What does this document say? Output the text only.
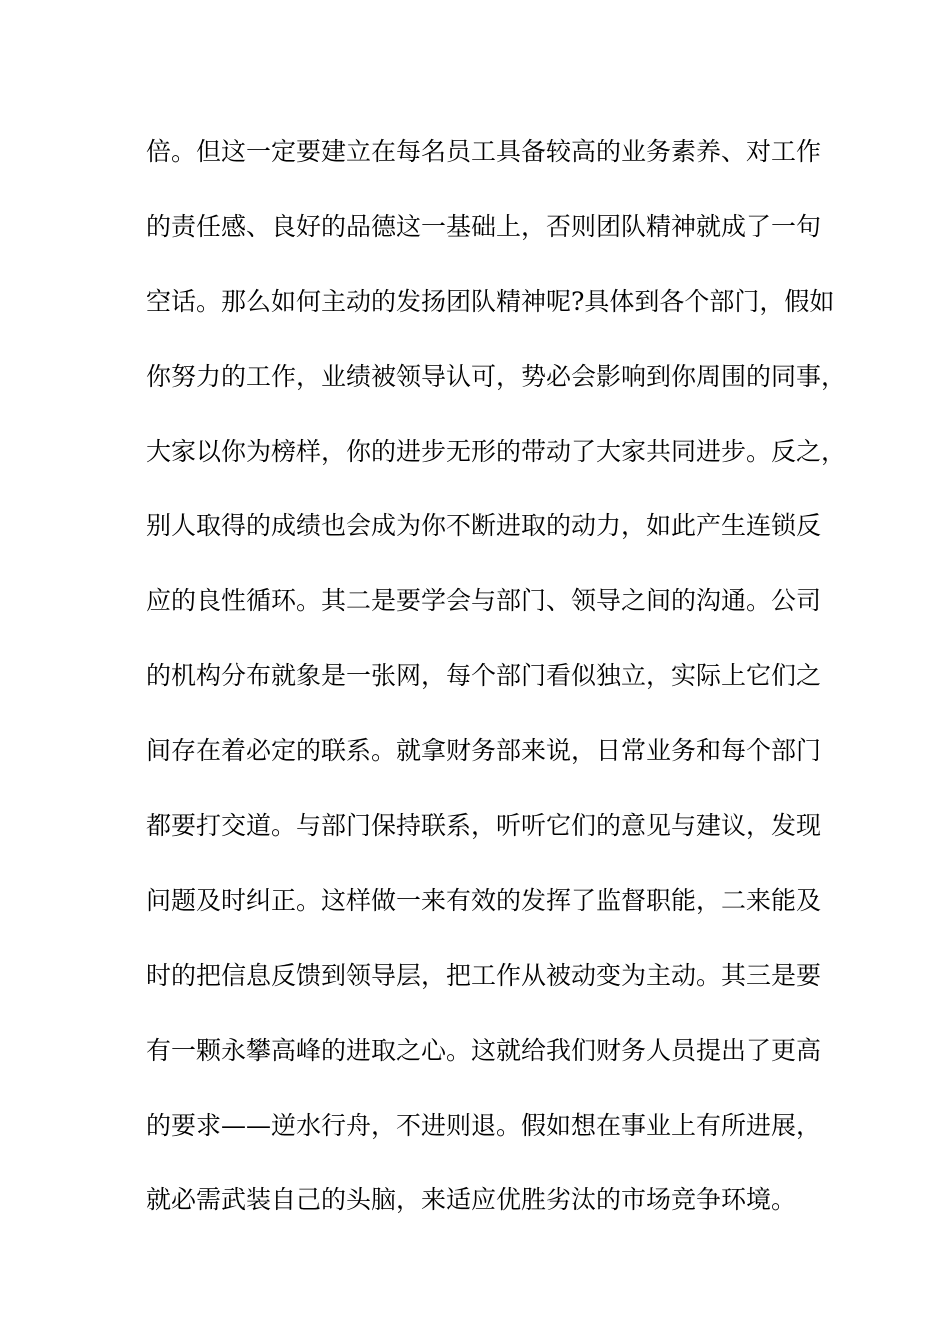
倍。但这一定要建立在每名员工具备较高的业务素养、对工作
的责任感、良好的品德这一基础上，否则团队精神就成了一句
空话。那么如何主动的发扬团队精神呢?具体到各个部门，假如
你努力的工作，业绩被领导认可，势必会影响到你周围的同事，
大家以你为榜样，你的进步无形的带动了大家共同进步。反之，
别人取得的成绩也会成为你不断进取的动力，如此产生连锁反
应的良性循环。其二是要学会与部门、领导之间的沟通。公司
的机构分布就象是一张网，每个部门看似独立，实际上它们之
间存在着必定的联系。就拿财务部来说，日常业务和每个部门
都要打交道。与部门保持联系，听听它们的意见与建议，发现
问题及时纠正。这样做一来有效的发挥了监督职能，二来能及
时的把信息反馈到领导层，把工作从被动变为主动。其三是要
有一颗永攀高峰的进取之心。这就给我们财务人员提出了更高
的要求——逆水行舟，不进则退。假如想在事业上有所进展，
就必需武装自己的头脑，来适应优胜劣汰的市场竞争环境。
